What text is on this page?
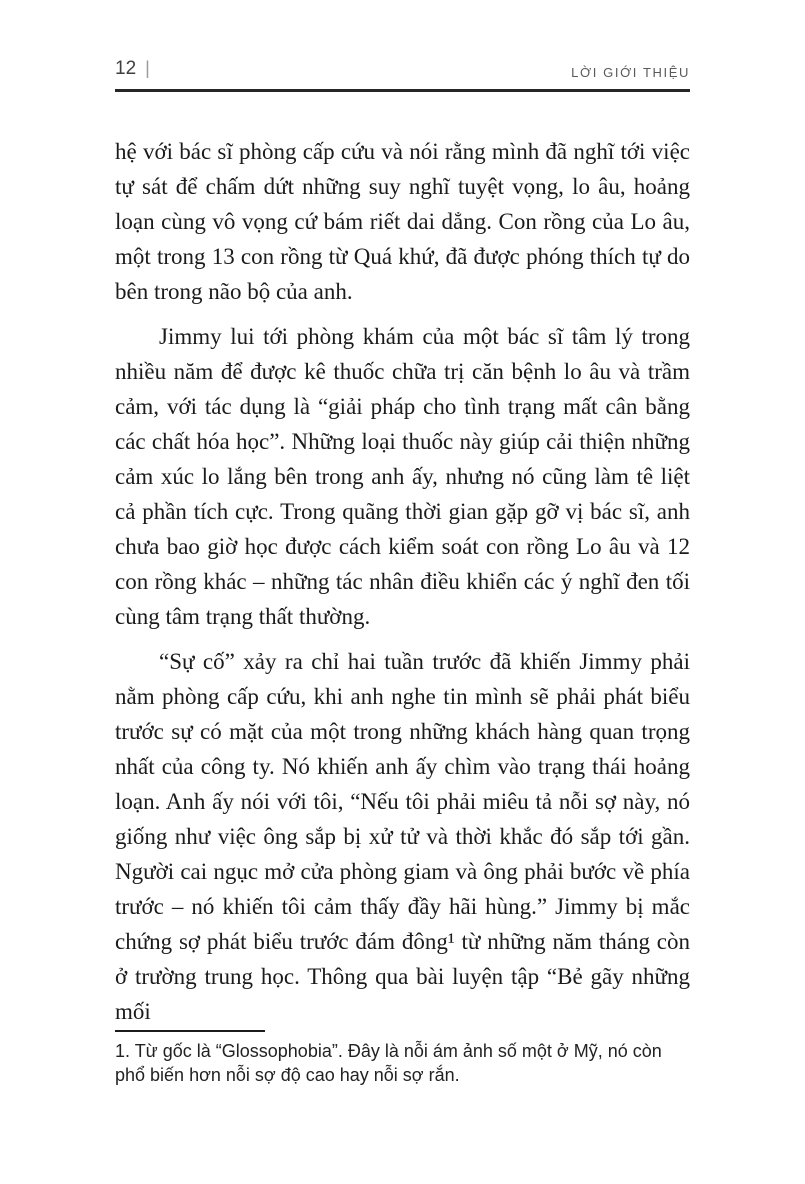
12 |	LỜI GIỚI THIỆU

hệ với bác sĩ phòng cấp cứu và nói rằng mình đã nghĩ tới việc tự sát để chấm dứt những suy nghĩ tuyệt vọng, lo âu, hoảng loạn cùng vô vọng cứ bám riết dai dẳng. Con rồng của Lo âu, một trong 13 con rồng từ Quá khứ, đã được phóng thích tự do bên trong não bộ của anh.

Jimmy lui tới phòng khám của một bác sĩ tâm lý trong nhiều năm để được kê thuốc chữa trị căn bệnh lo âu và trầm cảm, với tác dụng là “giải pháp cho tình trạng mất cân bằng các chất hóa học”. Những loại thuốc này giúp cải thiện những cảm xúc lo lắng bên trong anh ấy, nhưng nó cũng làm tê liệt cả phần tích cực. Trong quãng thời gian gặp gỡ vị bác sĩ, anh chưa bao giờ học được cách kiểm soát con rồng Lo âu và 12 con rồng khác – những tác nhân điều khiển các ý nghĩ đen tối cùng tâm trạng thất thường.

“Sự cố” xảy ra chỉ hai tuần trước đã khiến Jimmy phải nằm phòng cấp cứu, khi anh nghe tin mình sẽ phải phát biểu trước sự có mặt của một trong những khách hàng quan trọng nhất của công ty. Nó khiến anh ấy chìm vào trạng thái hoảng loạn. Anh ấy nói với tôi, “Nếu tôi phải miêu tả nỗi sợ này, nó giống như việc ông sắp bị xử tử và thời khắc đó sắp tới gần. Người cai ngục mở cửa phòng giam và ông phải bước về phía trước – nó khiến tôi cảm thấy đầy hãi hùng.” Jimmy bị mắc chứng sợ phát biểu trước đám đông¹ từ những năm tháng còn ở trường trung học. Thông qua bài luyện tập “Bẻ gãy những mối

1. Từ gốc là “Glossophobia”. Đây là nỗi ám ảnh số một ở Mỹ, nó còn phổ biến hơn nỗi sợ độ cao hay nỗi sợ rắn.
